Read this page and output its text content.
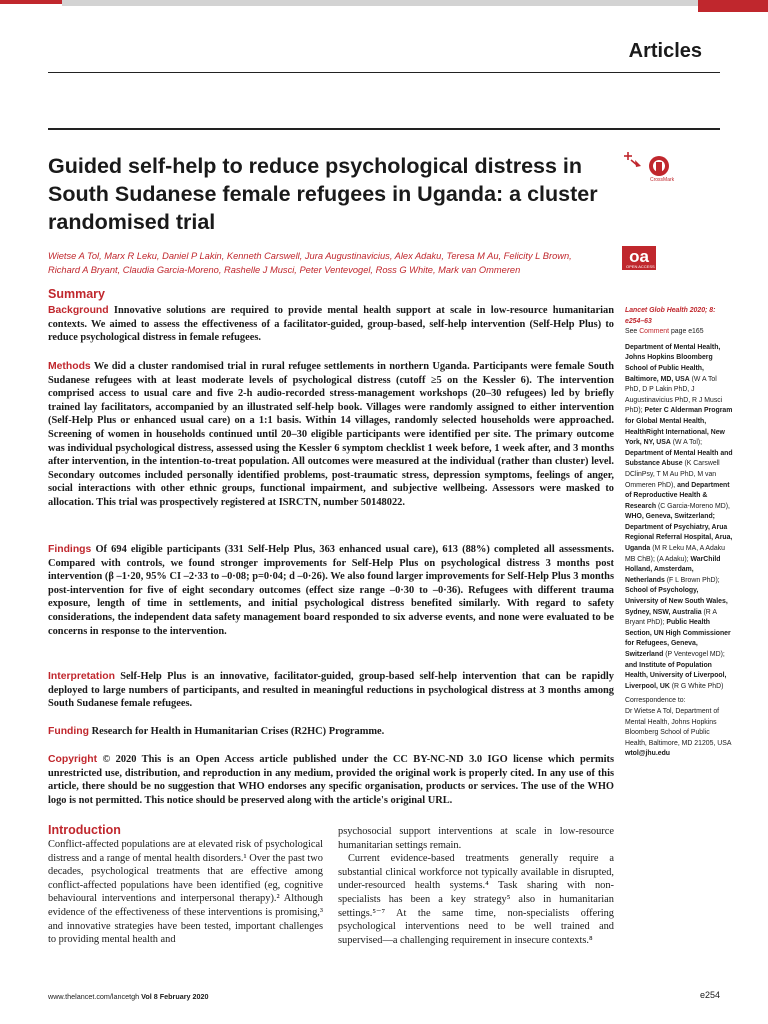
Articles
Guided self-help to reduce psychological distress in South Sudanese female refugees in Uganda: a cluster randomised trial
CrossMark
oa
OPEN ACCESS

Wietse A Tol, Marx R Leku, Daniel P Lakin, Kenneth Carswell, Jura Augustinavicius, Alex Adaku, Teresa M Au, Felicity L Brown, Richard A Bryant, Claudia Garcia-Moreno, Rashelle J Musci, Peter Ventevogel, Ross G White, Mark van Ommeren

Summary

Background Innovative solutions are required to provide mental health support at scale in low-resource humanitarian contexts. We aimed to assess the effectiveness of a facilitator-guided, group-based, self-help intervention (Self-Help Plus) to reduce psychological distress in female refugees.

Methods We did a cluster randomised trial in rural refugee settlements in northern Uganda. Participants were female South Sudanese refugees with at least moderate levels of psychological distress (cutoff ≥5 on the Kessler 6). The intervention comprised access to usual care and five 2-h audio-recorded stress-management workshops (20–30 refugees) led by briefly trained lay facilitators, accompanied by an illustrated self-help book. Villages were randomly assigned to either intervention (Self-Help Plus or enhanced usual care) on a 1:1 basis. Within 14 villages, randomly selected households were approached. Screening of women in households continued until 20–30 eligible participants were identified per site. The primary outcome was individual psychological distress, assessed using the Kessler 6 symptom checklist 1 week before, 1 week after, and 3 months after intervention, in the intention-to-treat population. All outcomes were measured at the individual (rather than cluster) level. Secondary outcomes included personally identified problems, post-traumatic stress, depression symptoms, feelings of anger, social interactions with other ethnic groups, functional impairment, and subjective wellbeing. Assessors were masked to allocation. This trial was prospectively registered at ISRCTN, number 50148022.

Findings Of 694 eligible participants (331 Self-Help Plus, 363 enhanced usual care), 613 (88%) completed all assessments. Compared with controls, we found stronger improvements for Self-Help Plus on psychological distress 3 months post intervention (β –1·20, 95% CI –2·33 to –0·08; p=0·04; d –0·26). We also found larger improvements for Self-Help Plus 3 months post-intervention for five of eight secondary outcomes (effect size range –0·30 to –0·36). Refugees with different trauma exposure, length of time in settlements, and initial psychological distress benefited similarly. With regard to safety considerations, the independent data safety management board responded to six adverse events, and none were evaluated to be concerns in response to the intervention.

Interpretation Self-Help Plus is an innovative, facilitator-guided, group-based self-help intervention that can be rapidly deployed to large numbers of participants, and resulted in meaningful reductions in psychological distress at 3 months among South Sudanese female refugees.

Funding Research for Health in Humanitarian Crises (R2HC) Programme.

Copyright © 2020 This is an Open Access article published under the CC BY-NC-ND 3.0 IGO license which permits unrestricted use, distribution, and reproduction in any medium, provided the original work is properly cited. In any use of this article, there should be no suggestion that WHO endorses any specific organisation, products or services. The use of the WHO logo is not permitted. This notice should be preserved along with the article's original URL.

Introduction

Conflict-affected populations are at elevated risk of psychological distress and a range of mental health disorders.¹ Over the past two decades, psychological treatments that are effective among conflict-affected populations have been identified (eg, cognitive behavioural interventions and interpersonal therapy).² Although evidence of the effectiveness of these interventions is promising,³ and innovative strategies have been tested, important challenges to providing mental health and

psychosocial support interventions at scale in low-resource humanitarian settings remain.

Current evidence-based treatments generally require a substantial clinical workforce not typically available in disrupted, under-resourced health systems.⁴ Task sharing with non-specialists has been a key strategy⁵ also in humanitarian settings.⁵⁻⁷ At the same time, non-specialists offering psychological interventions need to be well trained and supervised—a challenging requirement in insecure contexts.⁸

Lancet Glob Health 2020; 8: e254–63

See Comment page e165

Department of Mental Health, Johns Hopkins Bloomberg School of Public Health, Baltimore, MD, USA (W A Tol PhD, D P Lakin PhD, J Augustinavicius PhD, R J Musci PhD); Peter C Alderman Program for Global Mental Health, HealthRight International, New York, NY, USA (W A Tol); Department of Mental Health and Substance Abuse (K Carswell DClinPsy, T M Au PhD, M van Ommeren PhD), and Department of Reproductive Health & Research (C Garcia-Moreno MD), WHO, Geneva, Switzerland; Department of Psychiatry, Arua Regional Referral Hospital, Arua, Uganda (M R Leku MA, A Adaku MB ChB); (A Adaku); WarChild Holland, Amsterdam, Netherlands (F L Brown PhD); School of Psychology, University of New South Wales, Sydney, NSW, Australia (R A Bryant PhD); Public Health Section, UN High Commissioner for Refugees, Geneva, Switzerland (P Ventevogel MD); and Institute of Population Health, University of Liverpool, Liverpool, UK (R G White PhD)

Correspondence to:

Dr Wietse A Tol, Department of Mental Health, Johns Hopkins Bloomberg School of Public Health, Baltimore, MD 21205, USA

wtol@jhu.edu

www.thelancet.com/lancetgh Vol 8 February 2020	e254
